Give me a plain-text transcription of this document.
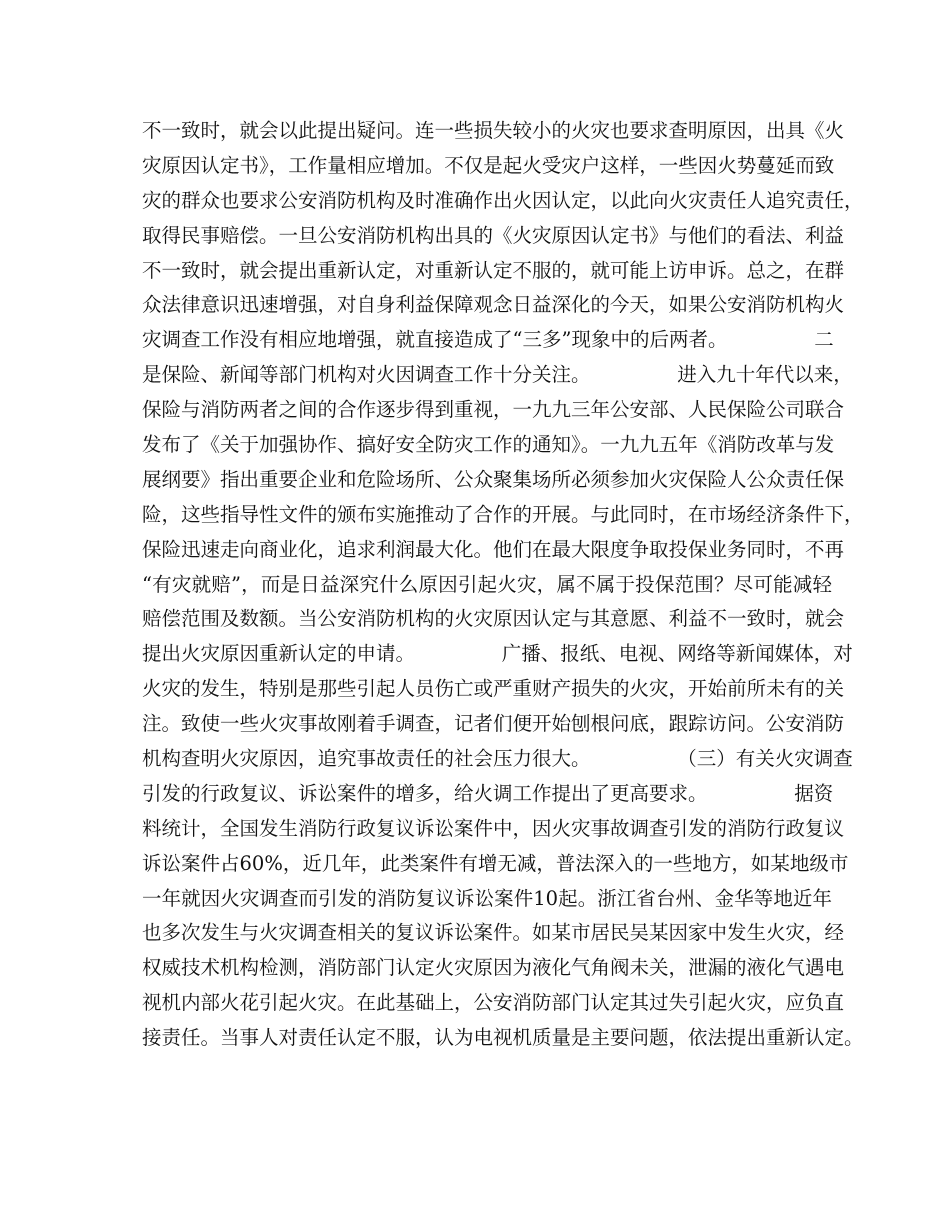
不一致时，就会以此提出疑问。连一些损失较小的火灾也要求查明原因，出具《火
灾原因认定书》，工作量相应增加。不仅是起火受灾户这样，一些因火势蔓延而致
灾的群众也要求公安消防机构及时准确作出火因认定，以此向火灾责任人追究责任，
取得民事赔偿。一旦公安消防机构出具的《火灾原因认定书》与他们的看法、利益
不一致时，就会提出重新认定，对重新认定不服的，就可能上访申诉。总之，在群
众法律意识迅速增强，对自身利益保障观念日益深化的今天，如果公安消防机构火
灾调查工作没有相应地增强，就直接造成了“三多”现象中的后两者。              二
是保险、新闻等部门机构对火因调查工作十分关注。              进入九十年代以来，
保险与消防两者之间的合作逐步得到重视，一九九三年公安部、人民保险公司联合
发布了《关于加强协作、搞好安全防灾工作的通知》。一九九五年《消防改革与发
展纲要》指出重要企业和危险场所、公众聚集场所必须参加火灾保险人公众责任保
险，这些指导性文件的颁布实施推动了合作的开展。与此同时，在市场经济条件下，
保险迅速走向商业化，追求利润最大化。他们在最大限度争取投保业务同时，不再
“有灾就赔”，而是日益深究什么原因引起火灾，属不属于投保范围？尽可能减轻
赔偿范围及数额。当公安消防机构的火灾原因认定与其意愿、利益不一致时，就会
提出火灾原因重新认定的申请。              广播、报纸、电视、网络等新闻媒体，对
火灾的发生，特别是那些引起人员伤亡或严重财产损失的火灾，开始前所未有的关
注。致使一些火灾事故刚着手调查，记者们便开始刨根问底，跟踪访问。公安消防
机构查明火灾原因，追究事故责任的社会压力很大。              （三）有关火灾调查
引发的行政复议、诉讼案件的增多，给火调工作提出了更高要求。              据资
料统计，全国发生消防行政复议诉讼案件中，因火灾事故调查引发的消防行政复议
诉讼案件占60%，近几年，此类案件有增无减，普法深入的一些地方，如某地级市
一年就因火灾调查而引发的消防复议诉讼案件10起。浙江省台州、金华等地近年
也多次发生与火灾调查相关的复议诉讼案件。如某市居民吴某因家中发生火灾，经
权威技术机构检测，消防部门认定火灾原因为液化气角阀未关，泄漏的液化气遇电
视机内部火花引起火灾。在此基础上，公安消防部门认定其过失引起火灾，应负直
接责任。当事人对责任认定不服，认为电视机质量是主要问题，依法提出重新认定。
